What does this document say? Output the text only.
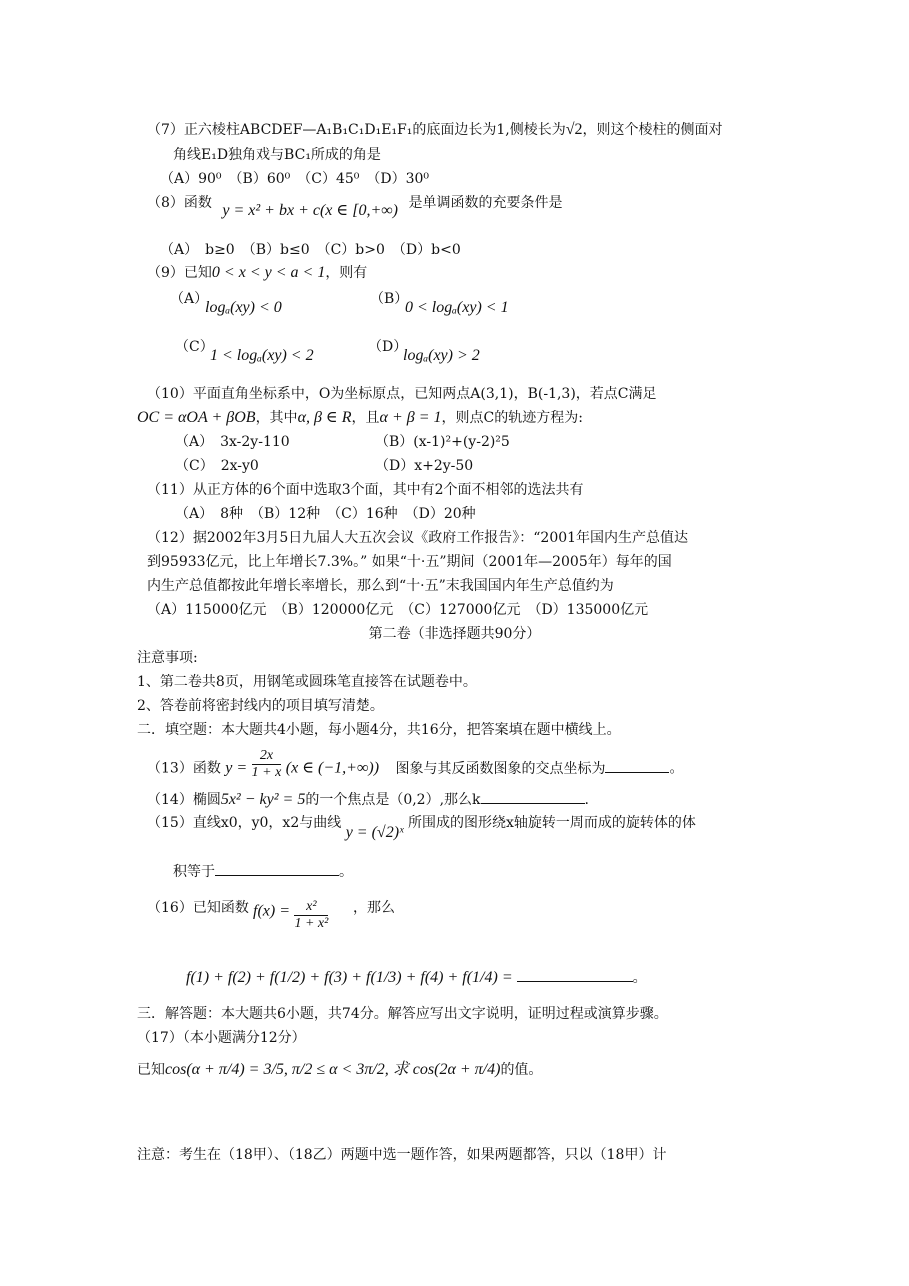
（7）正六棱柱ABCDEF—A₁B₁C₁D₁E₁F₁的底面边长为1,侧棱长为√2，则这个棱柱的侧面对
角线E₁D独角戏与BC₁所成的角是
（A）90⁰　（B）60⁰　（C）45⁰　（D）30⁰
（8）函数 y = x² + bx + c(x ∈ [0,+∞) 是单调函数的充要条件是
（A）　b≥0　（B）b≤0　（C）b>0　（D）b<0
（9）已知0 < x < y < a < 1，则有
（A）
logₐ(xy) < 0	（B）
0 < logₐ(xy) < 1
（C）
1 < logₐ(xy) < 2	（D）
logₐ(xy) > 2
（10）平面直角坐标系中，O为坐标原点，已知两点A(3,1)，B(-1,3)，若点C满足
OC = αOA + βOB，其中α, β ∈ R，且α + β = 1，则点C的轨迹方程为:
（A）　3x-2y-110	（B）(x-1)²+(y-2)²5
（C）　2x-y0	（D）x+2y-50
（11）从正方体的6个面中选取3个面，其中有2个面不相邻的选法共有
（A）　8种　（B）12种　（C）16种　（D）20种
（12）据2002年3月5日九届人大五次会议《政府工作报告》：“2001年国内生产总值达
到95933亿元，比上年增长7.3%。” 如果“十·五”期间（2001年—2005年）每年的国
内生产总值都按此年增长率增长，那么到“十·五”末我国国内年生产总值约为
（A）115000亿元　（B）120000亿元　（C）127000亿元　（D）135000亿元
第二卷（非选择题共90分）
注意事项:
1、第二卷共8页，用钢笔或圆珠笔直接答在试题卷中。
2、答卷前将密封线内的项目填写清楚。
二．填空题：本大题共4小题，每小题4分，共16分，把答案填在题中横线上。
（13）函数 $y = \frac{2x}{1 + x} (x$ ∈ (−1,+∞)) 图象与其反函数图象的交点坐标为	。
（14）椭圆5x² − ky² = 5的一个焦点是（0,2）,那么k	.
（15）直线x0，y0，x2与曲线 y = (√2)ˣ 所围成的图形绕x轴旋转一周而成的旋转体的体
积等于	。
（16）已知函数 $f(x) = \frac{\text{x²}}{\text{1 + x²}}$ ，那么
f(1) + f(2) + f(1/2) + f(3) + f(1/3) + f(4) + f(1/4) =	。
三．解答题：本大题共6小题，共74分。解答应写出文字说明，证明过程或演算步骤。
（17）（本小题满分12分）
已知cos(α + π/4) = 3/5, π/2 ≤ α < 3π/2, 求 cos(2α + π/4)的值。
注意：考生在（18甲）、（18乙）两题中选一题作答，如果两题都答，只以（18甲）计
